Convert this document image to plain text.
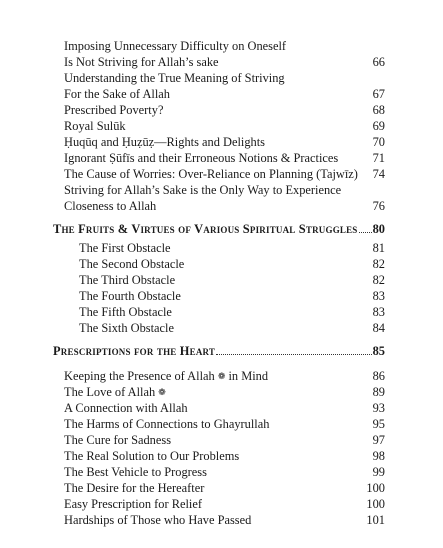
Imposing Unnecessary Difficulty on Oneself
Is Not Striving for Allah’s sake	66
Understanding the True Meaning of Striving
For the Sake of Allah	67
Prescribed Poverty?	68
Royal Sulūk	69
Ḥuqūq and Ḥuẓūẓ—Rights and Delights	70
Ignorant Ṣūfīs and their Erroneous Notions & Practices	71
The Cause of Worries: Over-Reliance on Planning (Tajwīz) 74
Striving for Allah’s Sake is the Only Way to Experience
Closeness to Allah	76
The Fruits & Virtues of Various Spiritual Struggles 80
The First Obstacle	81
The Second Obstacle	82
The Third Obstacle	82
The Fourth Obstacle	83
The Fifth Obstacle	83
The Sixth Obstacle	84
Prescriptions for the Heart	85
Keeping the Presence of Allah ❁ in Mind	86
The Love of Allah ❁	89
A Connection with Allah	93
The Harms of Connections to Ghayrullah	95
The Cure for Sadness	97
The Real Solution to Our Problems	98
The Best Vehicle to Progress	99
The Desire for the Hereafter	100
Easy Prescription for Relief	100
Hardships of Those who Have Passed	101
